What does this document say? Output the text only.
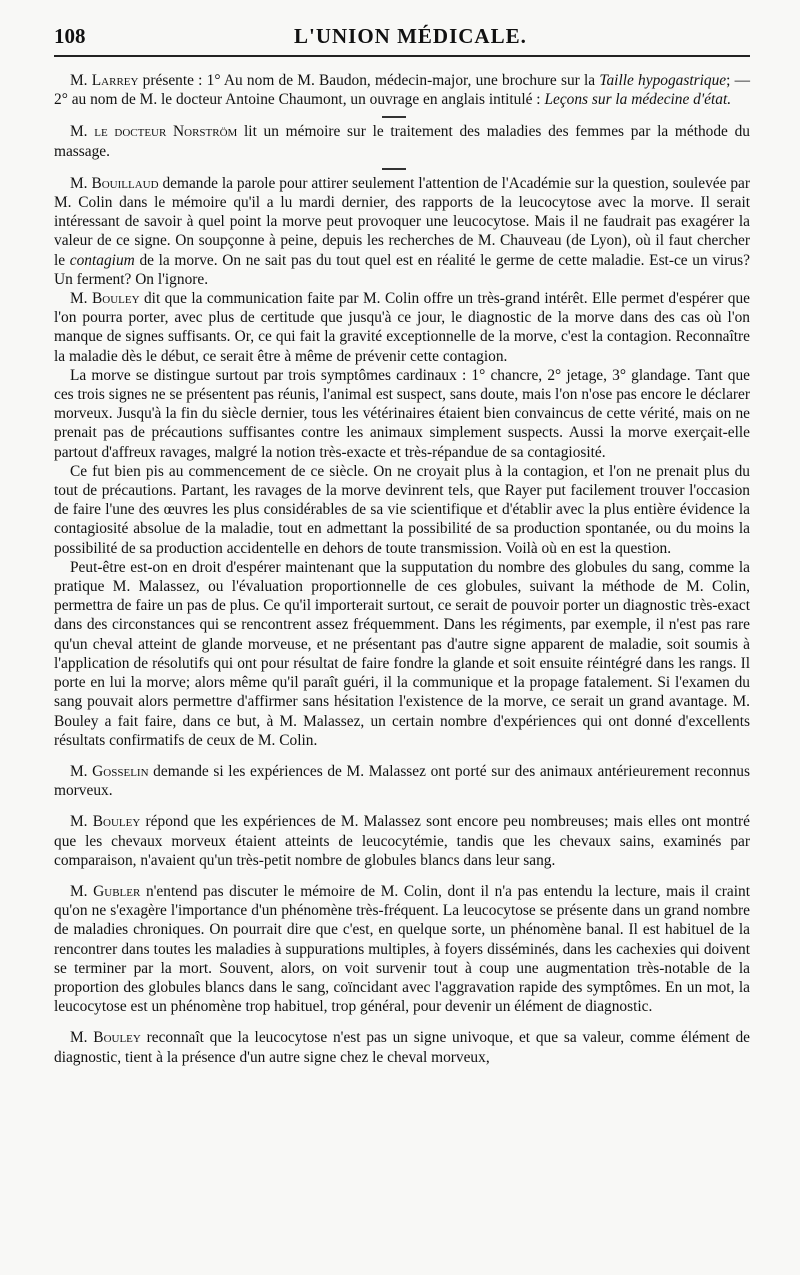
108	L'UNION MÉDICALE.

M. Larrey présente : 1° Au nom de M. Baudon, médecin-major, une brochure sur la Taille hypogastrique; — 2° au nom de M. le docteur Antoine Chaumont, un ouvrage en anglais intitulé : Leçons sur la médecine d'état.

M. le docteur Norström lit un mémoire sur le traitement des maladies des femmes par la méthode du massage.

M. Bouillaud demande la parole pour attirer seulement l'attention de l'Académie sur la question, soulevée par M. Colin dans le mémoire qu'il a lu mardi dernier, des rapports de la leucocytose avec la morve. Il serait intéressant de savoir à quel point la morve peut provoquer une leucocytose. Mais il ne faudrait pas exagérer la valeur de ce signe. On soupçonne à peine, depuis les recherches de M. Chauveau (de Lyon), où il faut chercher le contagium de la morve. On ne sait pas du tout quel est en réalité le germe de cette maladie. Est-ce un virus? Un ferment? On l'ignore.

M. Bouley dit que la communication faite par M. Colin offre un très-grand intérêt. Elle permet d'espérer que l'on pourra porter, avec plus de certitude que jusqu'à ce jour, le diagnostic de la morve dans des cas où l'on manque de signes suffisants. Or, ce qui fait la gravité exceptionnelle de la morve, c'est la contagion. Reconnaître la maladie dès le début, ce serait être à même de prévenir cette contagion.

La morve se distingue surtout par trois symptômes cardinaux : 1° chancre, 2° jetage, 3° glandage. Tant que ces trois signes ne se présentent pas réunis, l'animal est suspect, sans doute, mais l'on n'ose pas encore le déclarer morveux. Jusqu'à la fin du siècle dernier, tous les vétérinaires étaient bien convaincus de cette vérité, mais on ne prenait pas de précautions suffisantes contre les animaux simplement suspects. Aussi la morve exerçait-elle partout d'affreux ravages, malgré la notion très-exacte et très-répandue de sa contagiosité.

Ce fut bien pis au commencement de ce siècle. On ne croyait plus à la contagion, et l'on ne prenait plus du tout de précautions. Partant, les ravages de la morve devinrent tels, que Rayer put facilement trouver l'occasion de faire l'une des œuvres les plus considérables de sa vie scientifique et d'établir avec la plus entière évidence la contagiosité absolue de la maladie, tout en admettant la possibilité de sa production spontanée, ou du moins la possibilité de sa production accidentelle en dehors de toute transmission. Voilà où en est la question.

Peut-être est-on en droit d'espérer maintenant que la supputation du nombre des globules du sang, comme la pratique M. Malassez, ou l'évaluation proportionnelle de ces globules, suivant la méthode de M. Colin, permettra de faire un pas de plus. Ce qu'il importerait surtout, ce serait de pouvoir porter un diagnostic très-exact dans des circonstances qui se rencontrent assez fréquemment. Dans les régiments, par exemple, il n'est pas rare qu'un cheval atteint de glande morveuse, et ne présentant pas d'autre signe apparent de maladie, soit soumis à l'application de résolutifs qui ont pour résultat de faire fondre la glande et soit ensuite réintégré dans les rangs. Il porte en lui la morve; alors même qu'il paraît guéri, il la communique et la propage fatalement. Si l'examen du sang pouvait alors permettre d'affirmer sans hésitation l'existence de la morve, ce serait un grand avantage. M. Bouley a fait faire, dans ce but, à M. Malassez, un certain nombre d'expériences qui ont donné d'excellents résultats confirmatifs de ceux de M. Colin.

M. Gosselin demande si les expériences de M. Malassez ont porté sur des animaux antérieurement reconnus morveux.

M. Bouley répond que les expériences de M. Malassez sont encore peu nombreuses; mais elles ont montré que les chevaux morveux étaient atteints de leucocytémie, tandis que les chevaux sains, examinés par comparaison, n'avaient qu'un très-petit nombre de globules blancs dans leur sang.

M. Gubler n'entend pas discuter le mémoire de M. Colin, dont il n'a pas entendu la lecture, mais il craint qu'on ne s'exagère l'importance d'un phénomène très-fréquent. La leucocytose se présente dans un grand nombre de maladies chroniques. On pourrait dire que c'est, en quelque sorte, un phénomène banal. Il est habituel de la rencontrer dans toutes les maladies à suppurations multiples, à foyers disséminés, dans les cachexies qui doivent se terminer par la mort. Souvent, alors, on voit survenir tout à coup une augmentation très-notable de la proportion des globules blancs dans le sang, coïncidant avec l'aggravation rapide des symptômes. En un mot, la leucocytose est un phénomène trop habituel, trop général, pour devenir un élément de diagnostic.

M. Bouley reconnaît que la leucocytose n'est pas un signe univoque, et que sa valeur, comme élément de diagnostic, tient à la présence d'un autre signe chez le cheval morveux,
